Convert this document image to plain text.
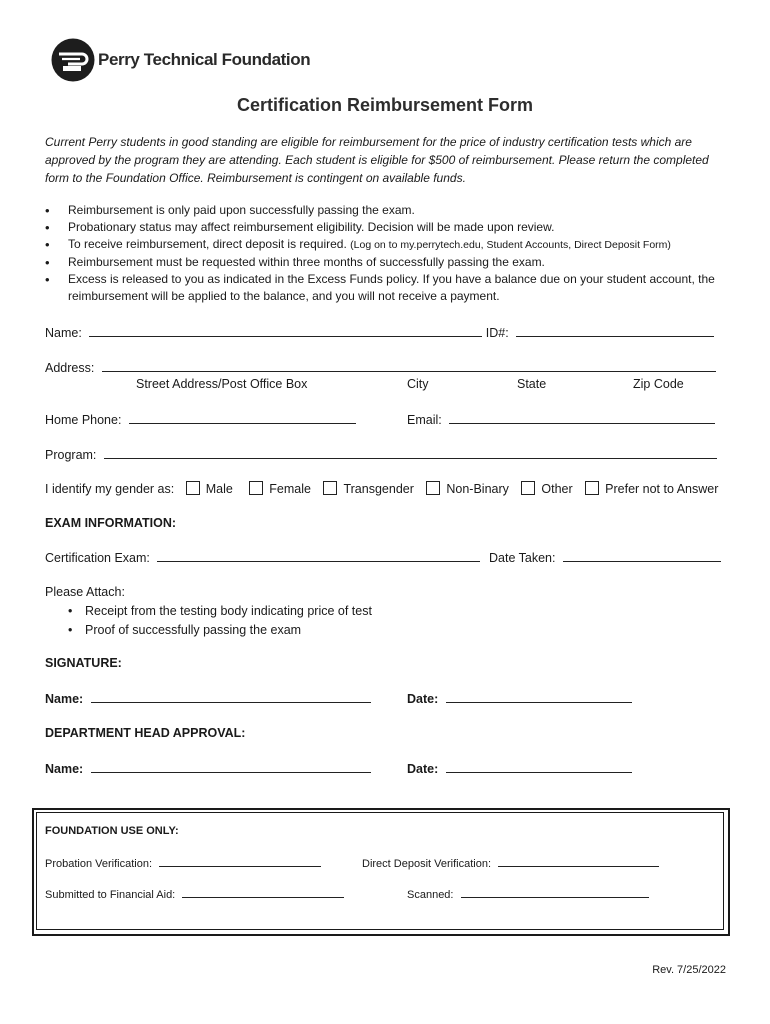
Perry Technical Foundation
Certification Reimbursement Form
Current Perry students in good standing are eligible for reimbursement for the price of industry certification tests which are approved by the program they are attending. Each student is eligible for $500 of reimbursement. Please return the completed form to the Foundation Office. Reimbursement is contingent on available funds.
• Reimbursement is only paid upon successfully passing the exam.
• Probationary status may affect reimbursement eligibility. Decision will be made upon review.
• To receive reimbursement, direct deposit is required. (Log on to my.perrytech.edu, Student Accounts, Direct Deposit Form)
• Reimbursement must be requested within three months of successfully passing the exam.
• Excess is released to you as indicated in the Excess Funds policy. If you have a balance due on your student account, the reimbursement will be applied to the balance, and you will not receive a payment.
Name:	ID#:
Address:
Street Address/Post Office Box	City	State	Zip Code
Home Phone:	Email:
Program:
I identify my gender as:	Male	Female	Transgender	Non-Binary	Other	Prefer not to Answer
EXAM INFORMATION:
Certification Exam:	Date Taken:
Please Attach:
• Receipt from the testing body indicating price of test
• Proof of successfully passing the exam
SIGNATURE:
Name:	Date:
DEPARTMENT HEAD APPROVAL:
Name:	Date:
FOUNDATION USE ONLY:
Probation Verification:	Direct Deposit Verification:
Submitted to Financial Aid:	Scanned:
Rev. 7/25/2022
